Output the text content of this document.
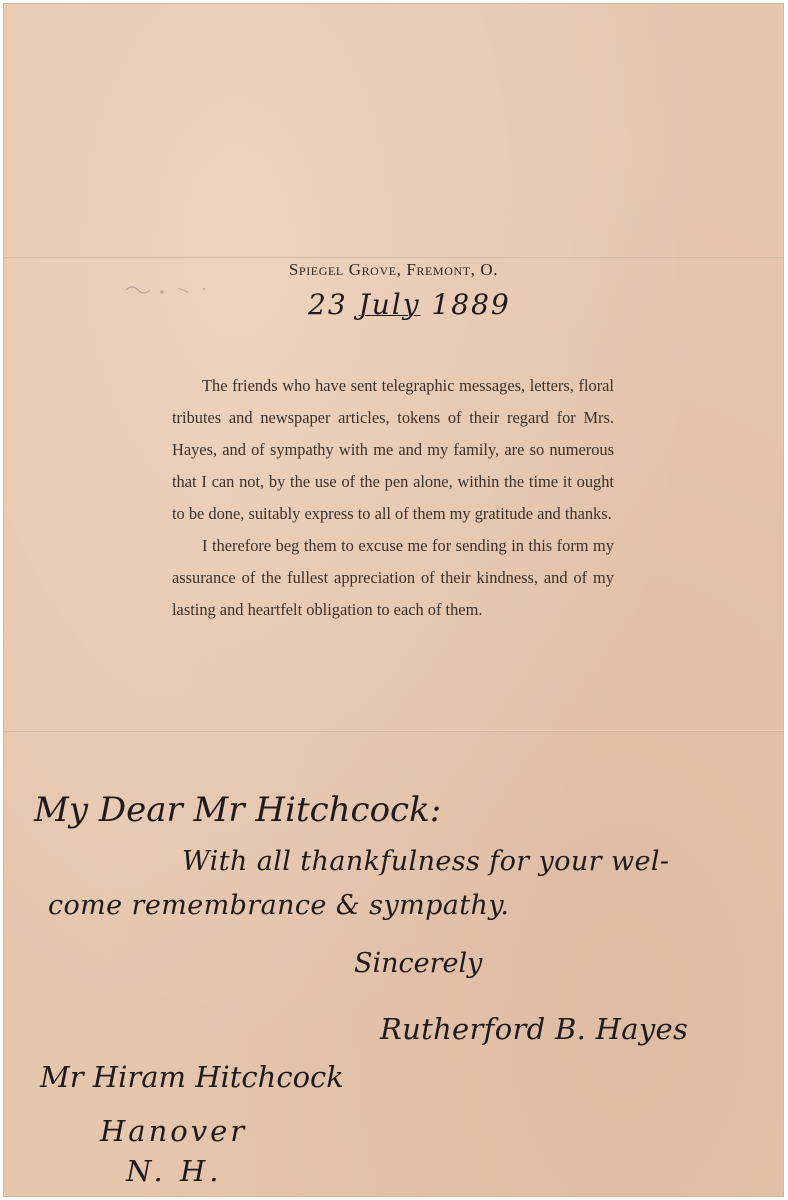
Spiegel Grove, Fremont, O.
23 July 1889

The friends who have sent telegraphic messages, letters, floral tributes and newspaper articles, tokens of their regard for Mrs. Hayes, and of sympathy with me and my family, are so numerous that I can not, by the use of the pen alone, within the time it ought to be done, suitably express to all of them my gratitude and thanks.

I therefore beg them to excuse me for sending in this form my assurance of the fullest appreciation of their kindness, and of my lasting and heartfelt obligation to each of them.

My Dear Mr Hitchcock:
With all thankfulness for your wel-
come remembrance & sympathy.
Sincerely
Rutherford B. Hayes
Mr Hiram Hitchcock
Hanover
N. H.
